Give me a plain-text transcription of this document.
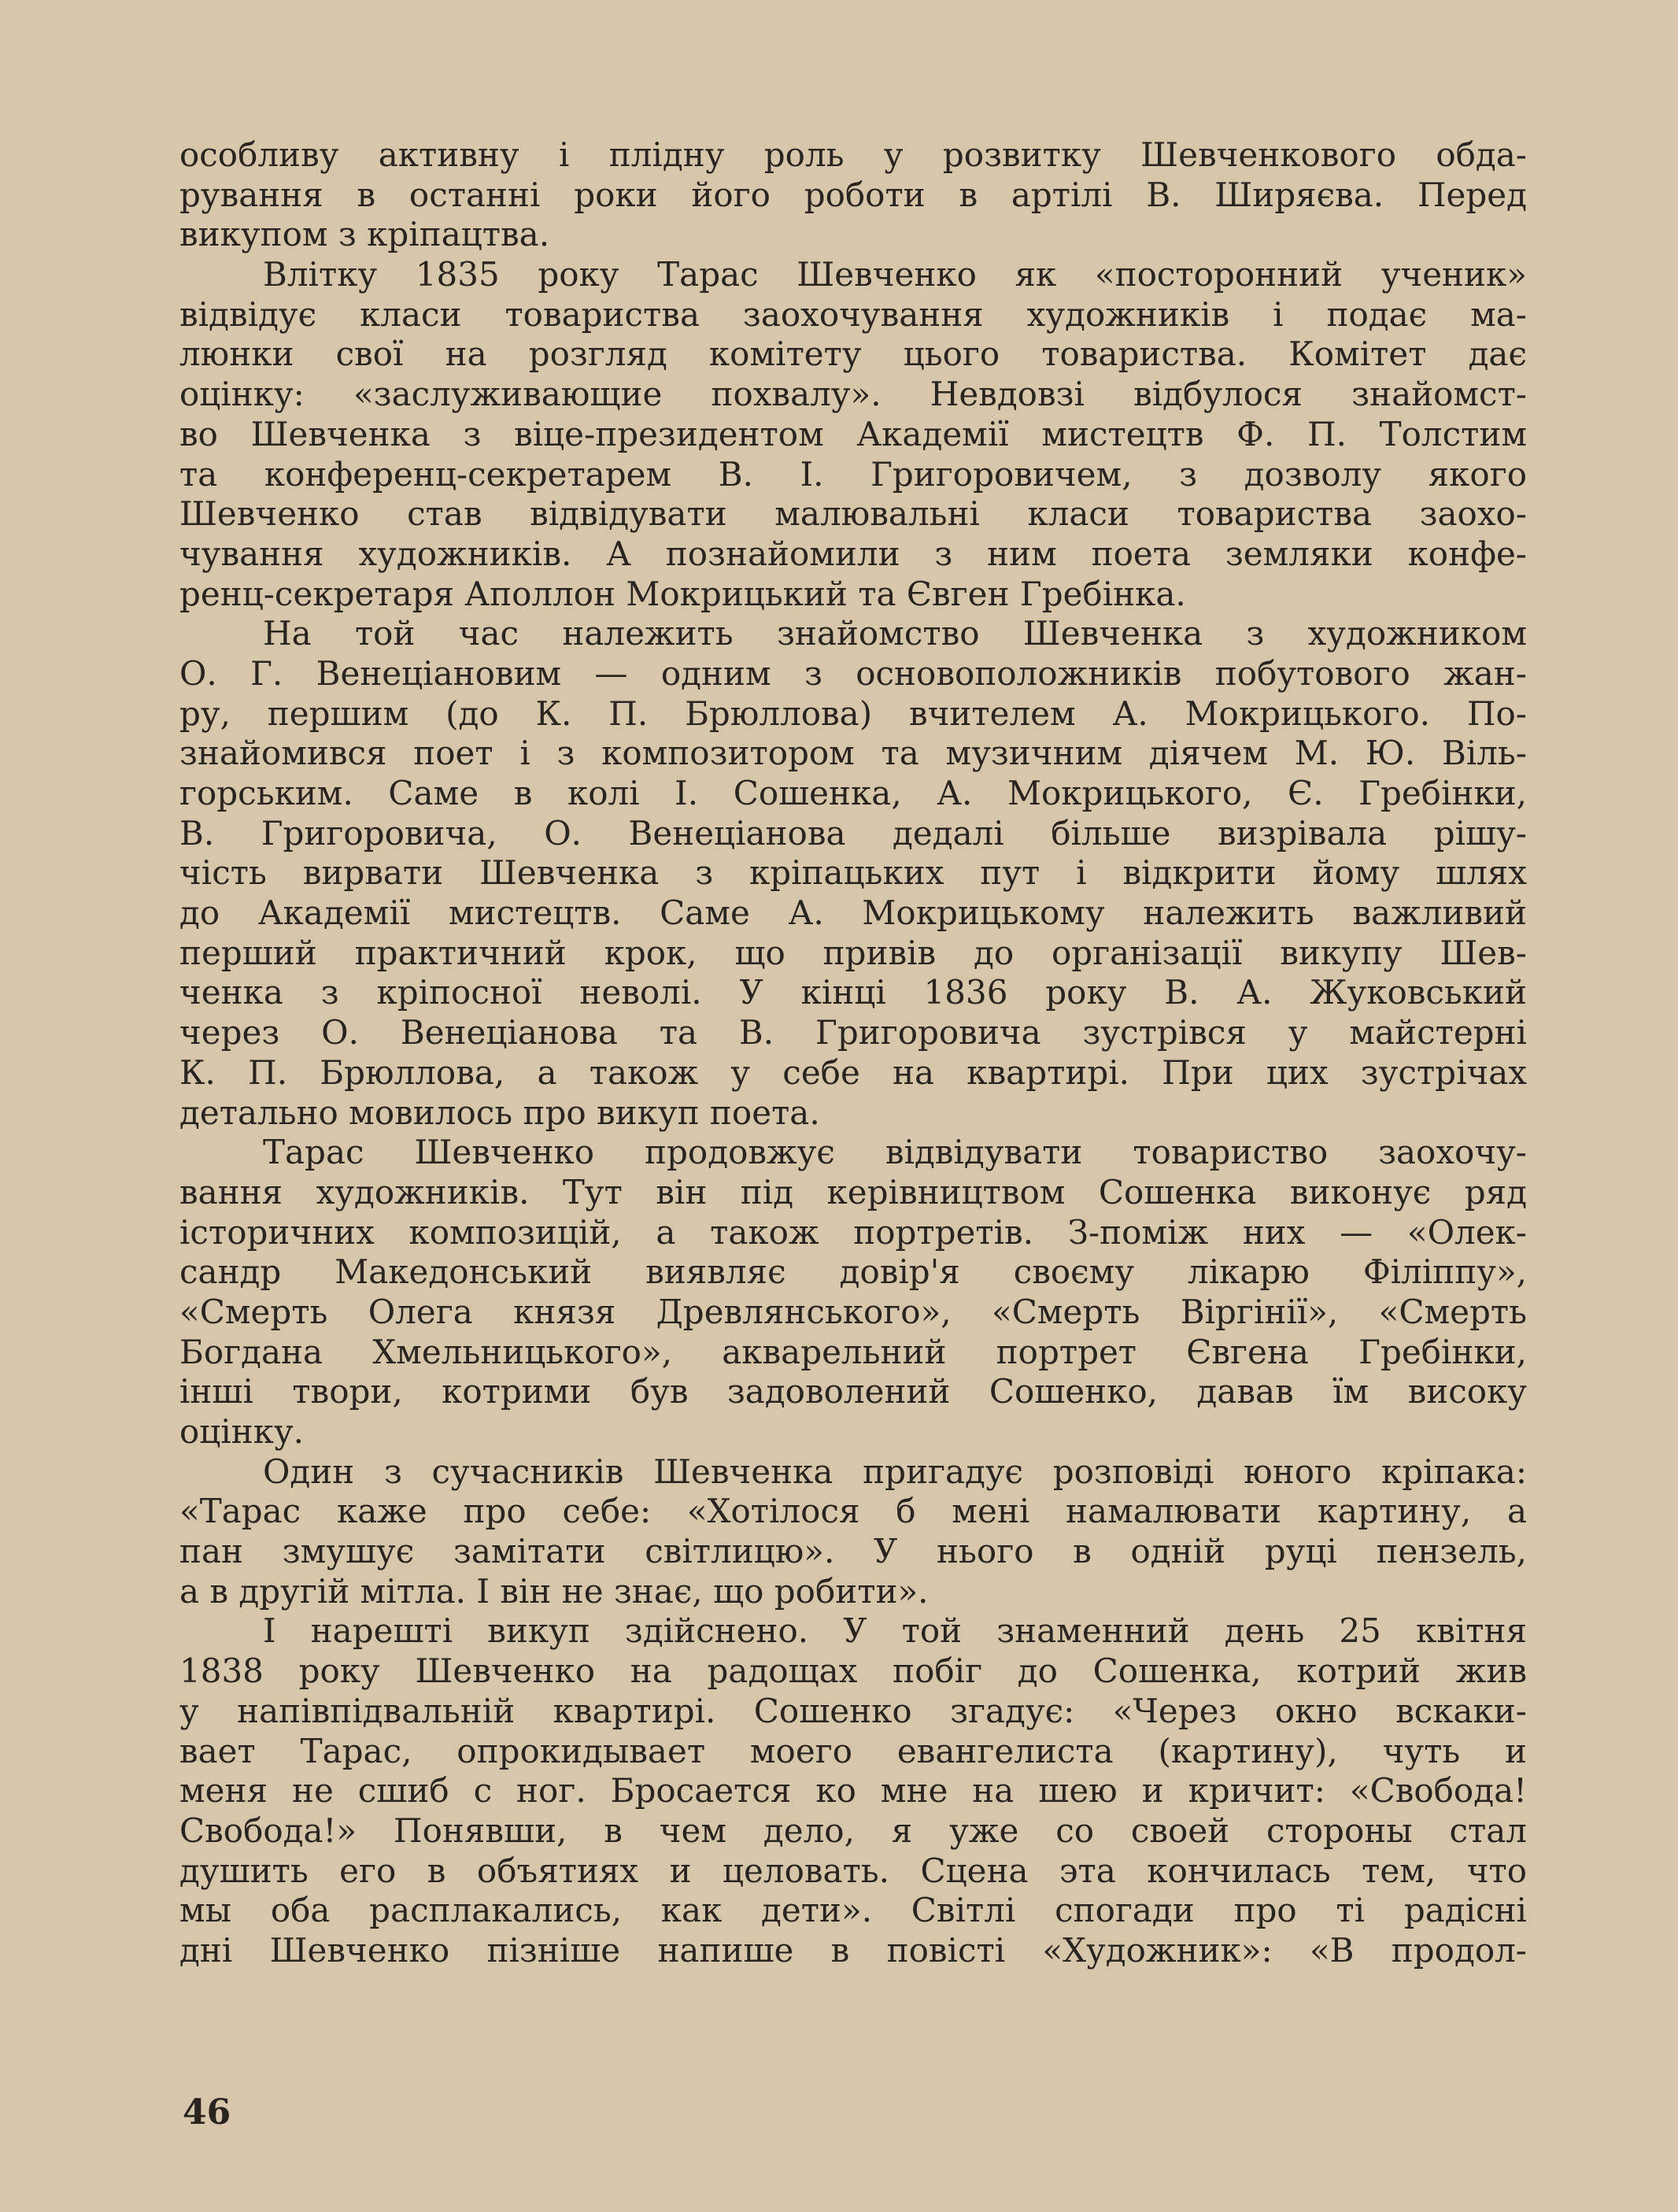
особливу активну і плідну роль у розвитку Шевченкового обда-
рування в останні роки його роботи в артілі В. Ширяєва. Перед
викупом з кріпацтва.
Влітку 1835 року Тарас Шевченко як «посторонний ученик»
відвідує класи товариства заохочування художників і подає ма-
люнки свої на розгляд комітету цього товариства. Комітет дає
оцінку: «заслуживающие похвалу». Невдовзі відбулося знайомст-
во Шевченка з віце-президентом Академії мистецтв Ф. П. Толстим
та конференц-секретарем В. І. Григоровичем, з дозволу якого
Шевченко став відвідувати малювальні класи товариства заохо-
чування художників. А познайомили з ним поета земляки конфе-
ренц-секретаря Аполлон Мокрицький та Євген Гребінка.
На той час належить знайомство Шевченка з художником
О. Г. Венеціановим — одним з основоположників побутового жан-
ру, першим (до К. П. Брюллова) вчителем А. Мокрицького. По-
знайомився поет і з композитором та музичним діячем М. Ю. Віль-
горським. Саме в колі І. Сошенка, А. Мокрицького, Є. Гребінки,
В. Григоровича, О. Венеціанова дедалі більше визрівала рішу-
чість вирвати Шевченка з кріпацьких пут і відкрити йому шлях
до Академії мистецтв. Саме А. Мокрицькому належить важливий
перший практичний крок, що привів до організації викупу Шев-
ченка з кріпосної неволі. У кінці 1836 року В. А. Жуковський
через О. Венеціанова та В. Григоровича зустрівся у майстерні
К. П. Брюллова, а також у себе на квартирі. При цих зустрічах
детально мовилось про викуп поета.
Тарас Шевченко продовжує відвідувати товариство заохочу-
вання художників. Тут він під керівництвом Сошенка виконує ряд
історичних композицій, а також портретів. З-поміж них — «Олек-
сандр Македонський виявляє довір'я своєму лікарю Філіппу»,
«Смерть Олега князя Древлянського», «Смерть Віргінії», «Смерть
Богдана Хмельницького», акварельний портрет Євгена Гребінки,
інші твори, котрими був задоволений Сошенко, давав їм високу
оцінку.
Один з сучасників Шевченка пригадує розповіді юного кріпака:
«Тарас каже про себе: «Хотілося б мені намалювати картину, а
пан змушує замітати світлицю». У нього в одній руці пензель,
а в другій мітла. І він не знає, що робити».
І нарешті викуп здійснено. У той знаменний день 25 квітня
1838 року Шевченко на радощах побіг до Сошенка, котрий жив
у напівпідвальній квартирі. Сошенко згадує: «Через окно вскаки-
вает Тарас, опрокидывает моего евангелиста (картину), чуть и
меня не сшиб с ног. Бросается ко мне на шею и кричит: «Свобода!
Свобода!» Понявши, в чем дело, я уже со своей стороны стал
душить его в объятиях и целовать. Сцена эта кончилась тем, что
мы оба расплакались, как дети». Світлі спогади про ті радісні
дні Шевченко пізніше напише в повісті «Художник»: «В продол-
46
